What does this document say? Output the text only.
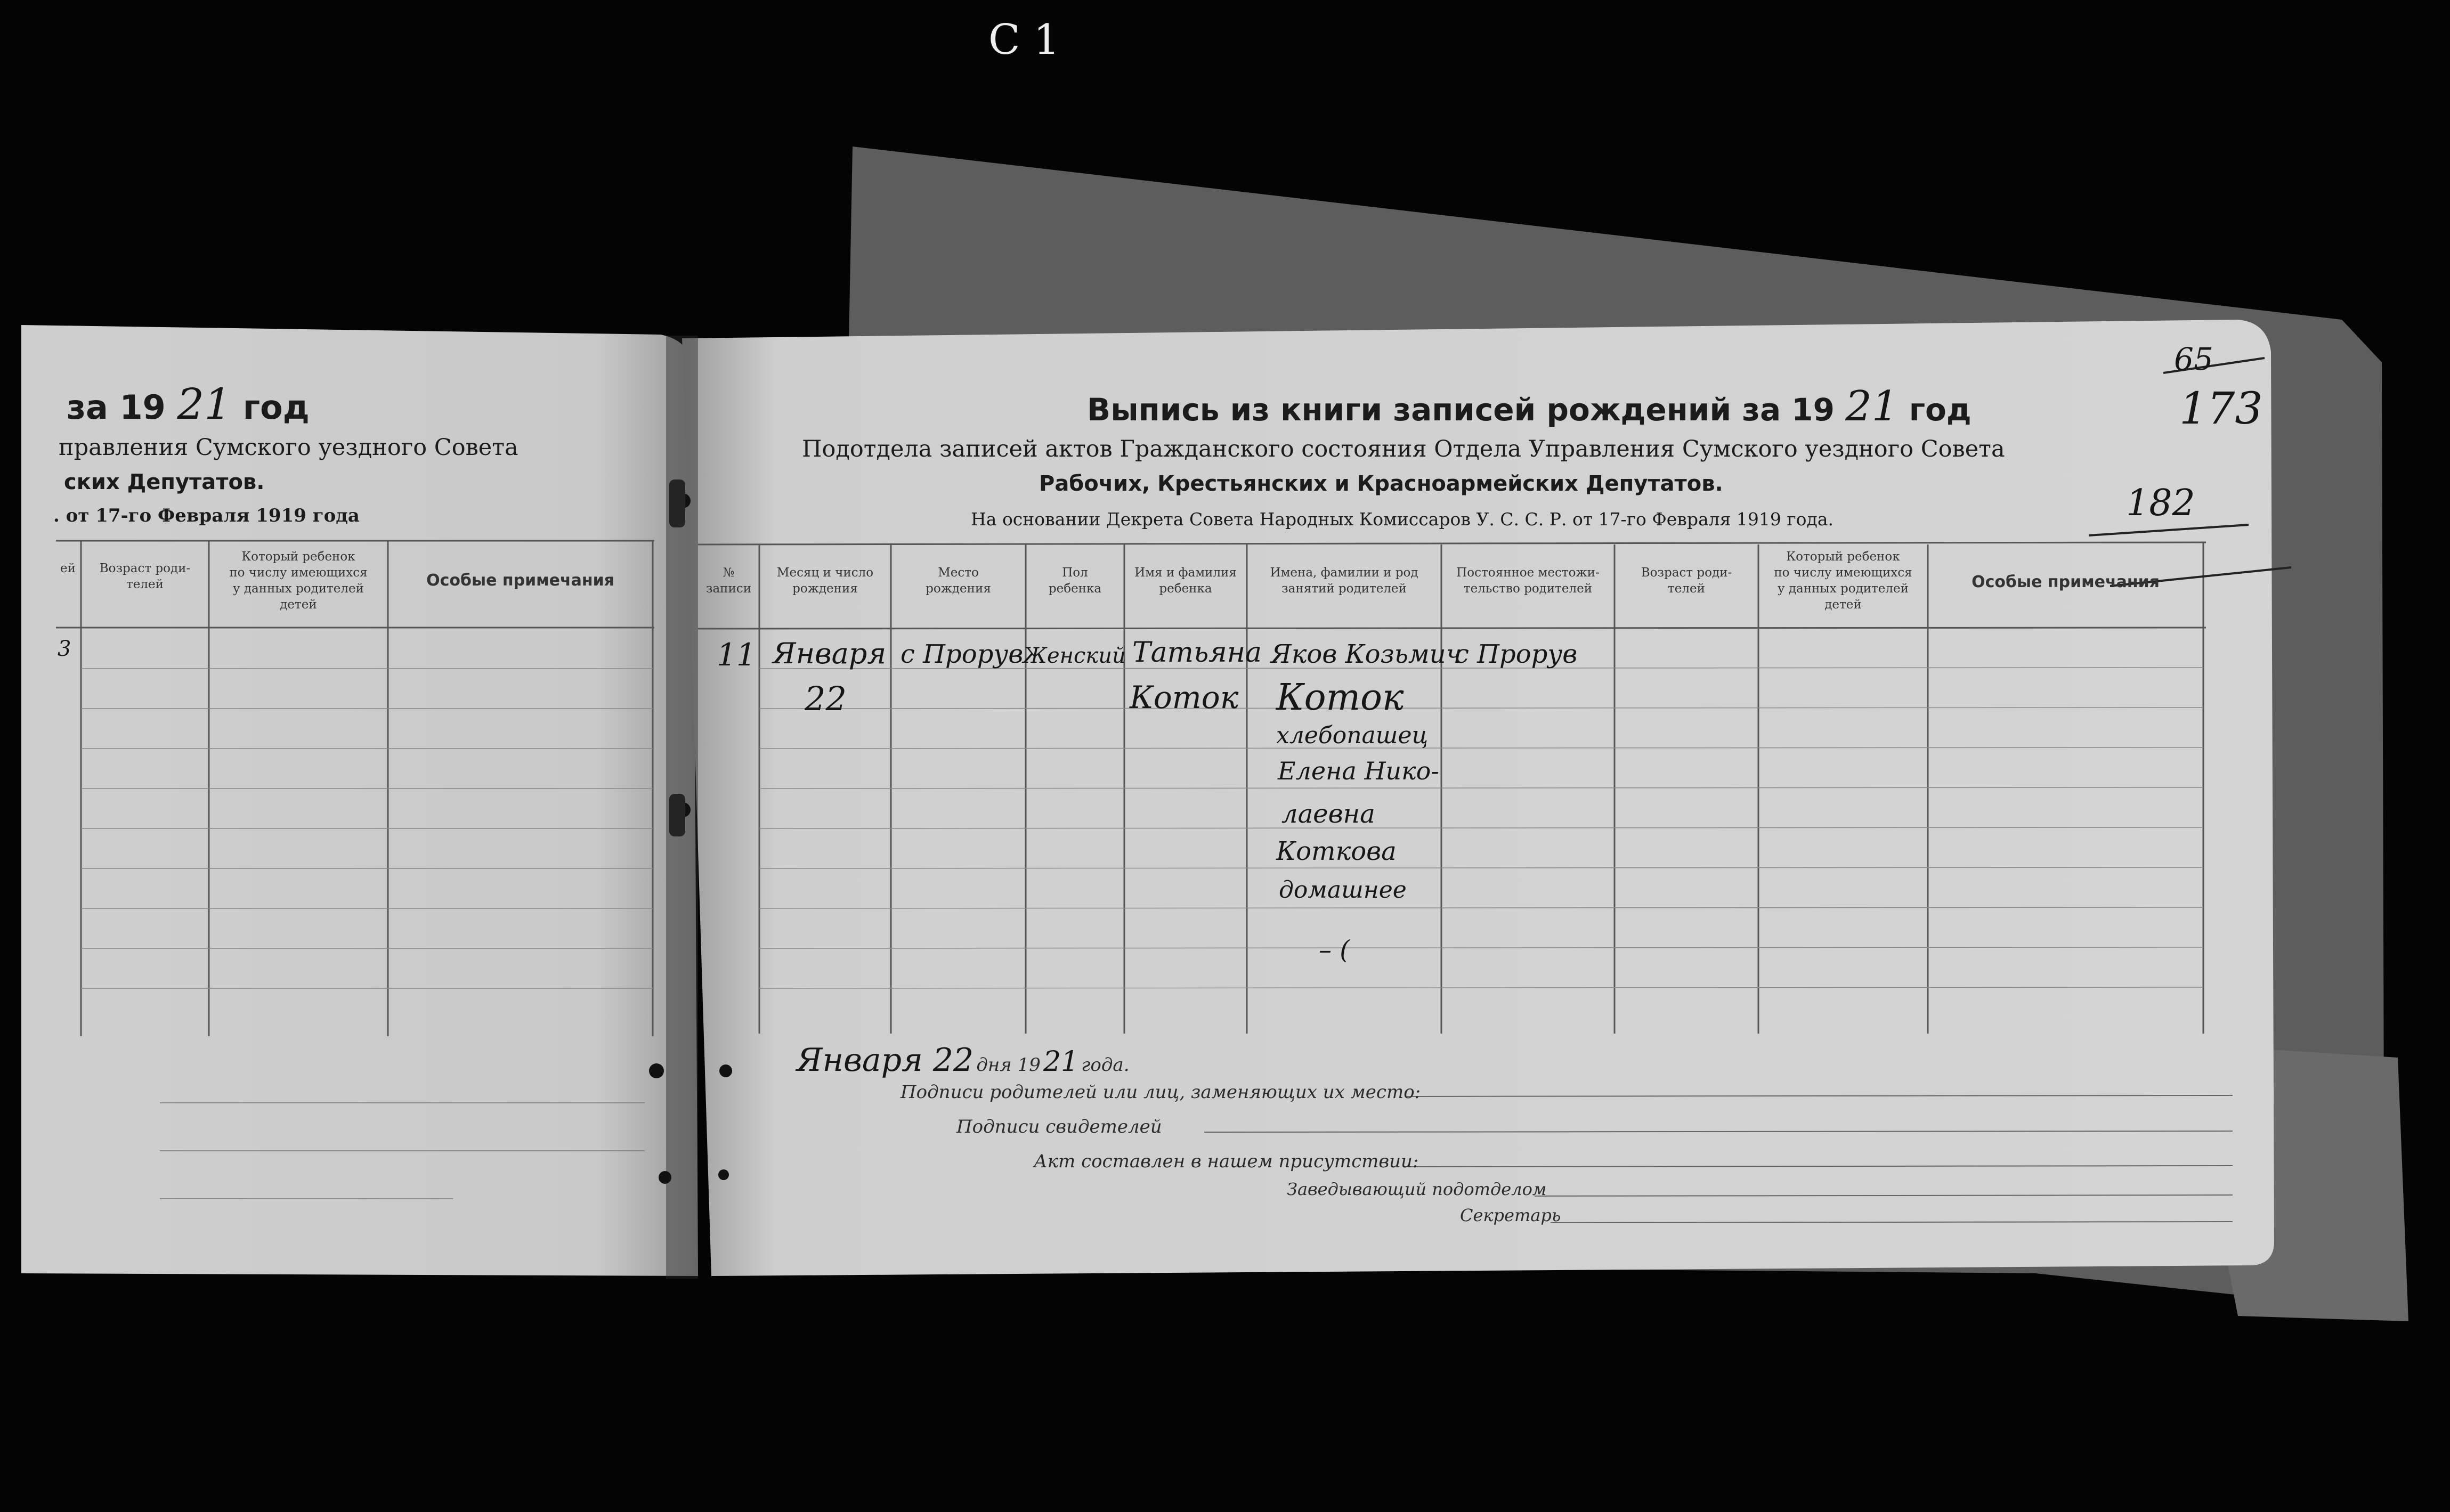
С 1
65
173
182
за 19 21 год
правления Сумского уездного Совета
ских Депутатов.
. от 17-го Февраля 1919 года
ей	Возраст роди-
телей
Который ребенок
по числу имеющихся
у данных родителей
детей
Особые примечания
3
Выпись из книги записей рождений за 19 21 год
Подотдела записей актов Гражданского состояния Отдела Управления Сумского уездного Совета
Рабочих, Крестьянских и Красноармейских Депутатов.
На основании Декрета Совета Народных Комиссаров У. С. С. Р. от 17-го Февраля 1919 года.
№
записи
Месяц и число
рождения
Место
рождения
Пол
ребенка
Имя и фамилия
ребенка
Имена, фамилии и род
занятий родителей
Постоянное местожи-
тельство родителей
Возраст роди-
телей
Который ребенок
по числу имеющихся
у данных родителей
детей
Особые примечания
11 Января
22
с Прорув Женский Татьяна
Коток
Яков Козьмич
Коток
хлебопашец
Елена Нико-
лаевна
Коткова
домашнее
с Прорув
– (
Января 22 дня 19 21 года.
Подписи родителей или лиц, заменяющих их место:
Подписи свидетелей
Акт составлен в нашем присутствии:
Заведывающий подотделом
Секретарь
